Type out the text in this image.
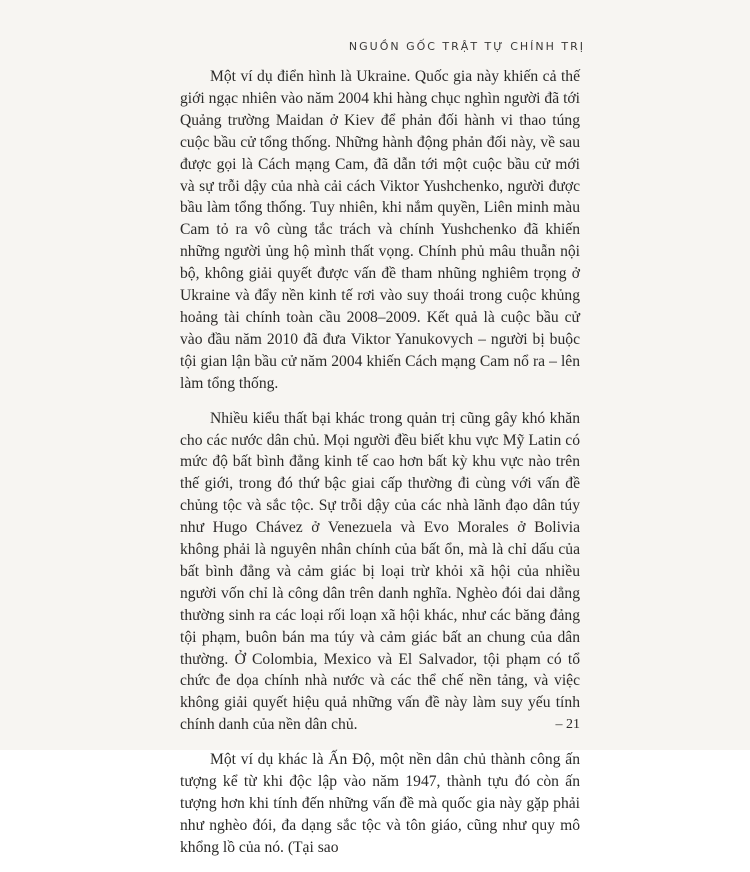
NGUỒN GỐC TRẬT TỰ CHÍNH TRỊ

Một ví dụ điển hình là Ukraine. Quốc gia này khiến cả thế giới ngạc nhiên vào năm 2004 khi hàng chục nghìn người đã tới Quảng trường Maidan ở Kiev để phản đối hành vi thao túng cuộc bầu cử tổng thống. Những hành động phản đối này, về sau được gọi là Cách mạng Cam, đã dẫn tới một cuộc bầu cử mới và sự trỗi dậy của nhà cải cách Viktor Yushchenko, người được bầu làm tổng thống. Tuy nhiên, khi nắm quyền, Liên minh màu Cam tỏ ra vô cùng tắc trách và chính Yushchenko đã khiến những người ủng hộ mình thất vọng. Chính phủ mâu thuẫn nội bộ, không giải quyết được vấn đề tham nhũng nghiêm trọng ở Ukraine và đẩy nền kinh tế rơi vào suy thoái trong cuộc khủng hoảng tài chính toàn cầu 2008–2009. Kết quả là cuộc bầu cử vào đầu năm 2010 đã đưa Viktor Yanukovych – người bị buộc tội gian lận bầu cử năm 2004 khiến Cách mạng Cam nổ ra – lên làm tổng thống.

Nhiều kiểu thất bại khác trong quản trị cũng gây khó khăn cho các nước dân chủ. Mọi người đều biết khu vực Mỹ Latin có mức độ bất bình đẳng kinh tế cao hơn bất kỳ khu vực nào trên thế giới, trong đó thứ bậc giai cấp thường đi cùng với vấn đề chủng tộc và sắc tộc. Sự trỗi dậy của các nhà lãnh đạo dân túy như Hugo Chávez ở Venezuela và Evo Morales ở Bolivia không phải là nguyên nhân chính của bất ổn, mà là chỉ dấu của bất bình đẳng và cảm giác bị loại trừ khỏi xã hội của nhiều người vốn chỉ là công dân trên danh nghĩa. Nghèo đói dai dẳng thường sinh ra các loại rối loạn xã hội khác, như các băng đảng tội phạm, buôn bán ma túy và cảm giác bất an chung của dân thường. Ở Colombia, Mexico và El Salvador, tội phạm có tổ chức đe dọa chính nhà nước và các thể chế nền tảng, và việc không giải quyết hiệu quả những vấn đề này làm suy yếu tính chính danh của nền dân chủ.

Một ví dụ khác là Ấn Độ, một nền dân chủ thành công ấn tượng kể từ khi độc lập vào năm 1947, thành tựu đó còn ấn tượng hơn khi tính đến những vấn đề mà quốc gia này gặp phải như nghèo đói, đa dạng sắc tộc và tôn giáo, cũng như quy mô khổng lồ của nó. (Tại sao

– 21
